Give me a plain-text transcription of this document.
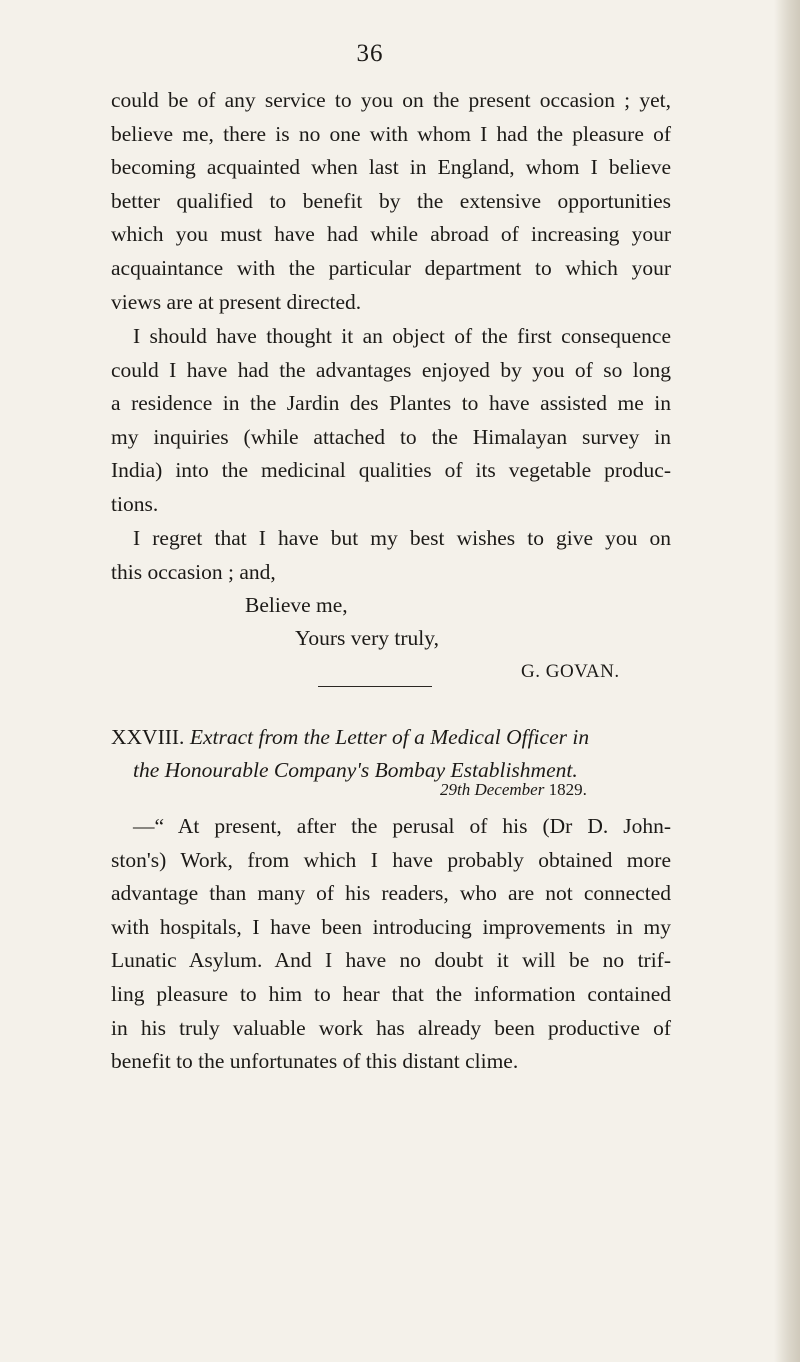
36
could be of any service to you on the present occasion ; yet,
believe me, there is no one with whom I had the pleasure of
becoming acquainted when last in England, whom I believe
better qualified to benefit by the extensive opportunities
which you must have had while abroad of increasing your
acquaintance with the particular department to which your
views are at present directed.
I should have thought it an object of the first consequence
could I have had the advantages enjoyed by you of so long
a residence in the Jardin des Plantes to have assisted me in
my inquiries (while attached to the Himalayan survey in
India) into the medicinal qualities of its vegetable produc-
tions.
I regret that I have but my best wishes to give you on
this occasion ; and,
Believe me,
Yours very truly,
G. GOVAN.
XXVIII. Extract from the Letter of a Medical Officer in
the Honourable Company's Bombay Establishment.
29th December 1829.
—“ At present, after the perusal of his (Dr D. John-
ston's) Work, from which I have probably obtained more
advantage than many of his readers, who are not connected
with hospitals, I have been introducing improvements in my
Lunatic Asylum. And I have no doubt it will be no trif-
ling pleasure to him to hear that the information contained
in his truly valuable work has already been productive of
benefit to the unfortunates of this distant clime.
